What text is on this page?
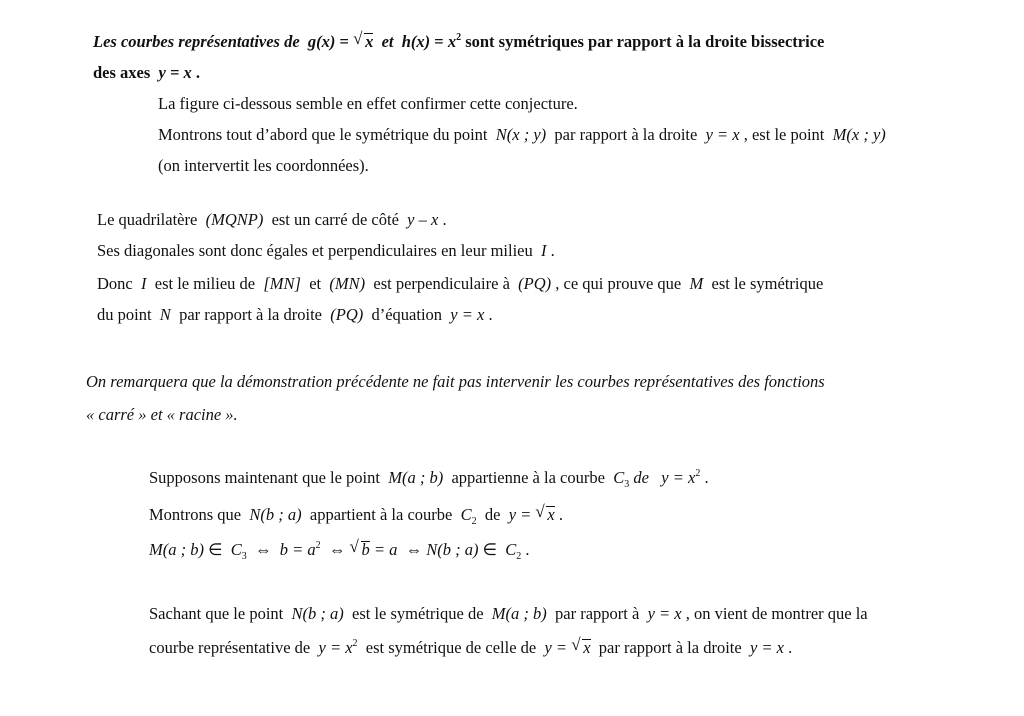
Les courbes représentatives de g(x) = √ x et $h(x) = x^2$ sont symétriques par rapport à la droite bissectrice
des axes y = x .
La figure ci-dessous semble en effet confirmer cette conjecture.
Montrons tout d’abord que le symétrique du point N(x ; y) par rapport à la droite y = x , est le point M(x ; y)
(on intervertit les coordonnées).
Le quadrilatère (MQNP) est un carré de côté y – x .
Ses diagonales sont donc égales et perpendiculaires en leur milieu I .
Donc I est le milieu de [MN] et (MN) est perpendiculaire à (PQ) , ce qui prouve que M est le symétrique
du point N par rapport à la droite (PQ) d’équation y = x .
On remarquera que la démonstration précédente ne fait pas intervenir les courbes représentatives des fonctions
« carré » et « racine ».
Supposons maintenant que le point M(a ; b) appartienne à la courbe $C_3$ de $y = x^2$ .
Montrons que N(b ; a) appartient à la courbe $C_2$ de y = √ x .
M(a ; b) ∈ $C_3$ ⇔ $b = a^2$ ⇔ √ b = a ⇔ N(b ; a) ∈ $C_2$ .
Sachant que le point N(b ; a) est le symétrique de M(a ; b) par rapport à y = x , on vient de montrer que la
courbe représentative de $y = x^2$ est symétrique de celle de y = √ x par rapport à la droite y = x .
